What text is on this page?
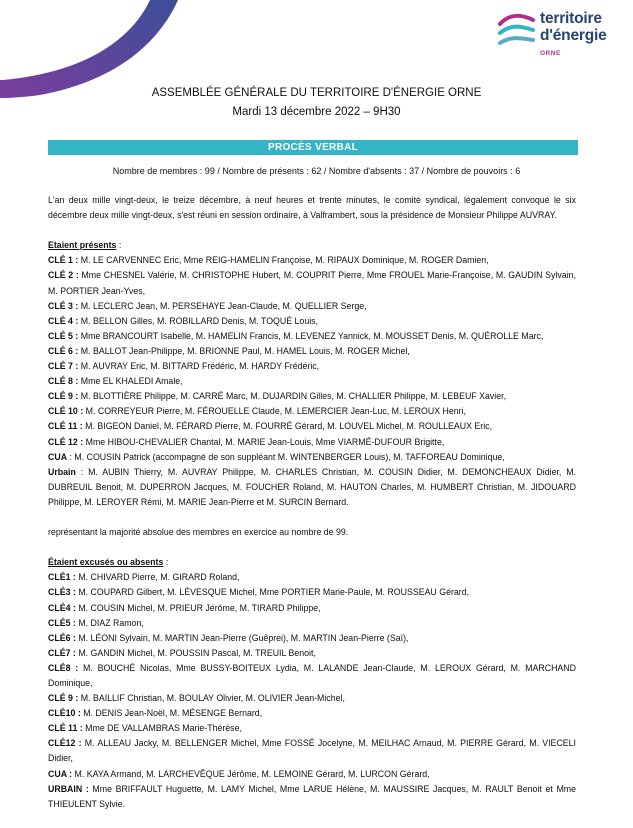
territoire
d'énergie
ORNE
ASSEMBLÉE GÉNÉRALE DU TERRITOIRE D'ÉNERGIE ORNE
Mardi 13 décembre 2022 – 9H30
PROCÈS VERBAL
Nombre de membres : 99 / Nombre de présents : 62 / Nombre d'absents : 37 / Nombre de pouvoirs : 6

L'an deux mille vingt-deux, le treize décembre, à neuf heures et trente minutes, le comité syndical, légalement convoqué le six décembre deux mille vingt-deux, s'est réuni en session ordinaire, à Valframbert, sous la présidence de Monsieur Philippe AUVRAY.

Etaient présents :

CLÉ 1 : M. LE CARVENNEC Eric, Mme REIG-HAMELIN Françoise, M. RIPAUX Dominique, M. ROGER Damien,

CLÉ 2 : Mme CHESNEL Valérie, M. CHRISTOPHE Hubert, M. COUPRIT Pierre, Mme FROUEL Marie-Françoise, M. GAUDIN Sylvain, M. PORTIER Jean-Yves,

CLÉ 3 : M. LECLERC Jean, M. PERSEHAYE Jean-Claude, M. QUELLIER Serge,

CLÉ 4 : M. BELLON Gilles, M. ROBILLARD Denis, M. TOQUÉ Louis,

CLÉ 5 : Mme BRANCOURT Isabelle, M. HAMELIN Francis, M. LEVENEZ Yannick, M. MOUSSET Denis, M. QUÉROLLE Marc,

CLÉ 6 : M. BALLOT Jean-Philippe, M. BRIONNE Paul, M. HAMEL Louis, M. ROGER Michel,

CLÉ 7 : M. AUVRAY Eric, M. BITTARD Frédéric, M. HARDY Frédéric,

CLÉ 8 : Mme EL KHALEDI Amale,

CLÉ 9 : M. BLOTTIÈRE Philippe, M. CARRÉ Marc, M. DUJARDIN Gilles, M. CHALLIER Philippe, M. LEBEUF Xavier,

CLÉ 10 : M. CORREYEUR Pierre, M. FÉROUELLE Claude, M. LEMERCIER Jean-Luc, M. LEROUX Henri,

CLÉ 11 : M. BIGEON Daniel, M. FÉRARD Pierre, M. FOURRÉ Gérard, M. LOUVEL Michel, M. ROULLEAUX Eric,

CLÉ 12 : Mme HIBOU-CHEVALIER Chantal, M. MARIE Jean-Louis, Mme VIARMÉ-DUFOUR Brigitte,

CUA : M. COUSIN Patrick (accompagné de son suppléant M. WINTENBERGER Louis), M. TAFFOREAU Dominique,

Urbain : M. AUBIN Thierry, M. AUVRAY Philippe, M. CHARLES Christian, M. COUSIN Didier, M. DEMONCHEAUX Didier, M. DUBREUIL Benoit, M. DUPERRON Jacques, M. FOUCHER Roland, M. HAUTON Charles, M. HUMBERT Christian, M. JIDOUARD Philippe, M. LEROYER Rémi, M. MARIE Jean-Pierre et M. SURCIN Bernard.

représentant la majorité absolue des membres en exercice au nombre de 99.

Étaient excusés ou absents :

CLÉ1 : M. CHIVARD Pierre, M. GIRARD Roland,

CLÉ3 : M. COUPARD Gilbert, M. LÉVESQUE Michel, Mme PORTIER Marie-Paule, M. ROUSSEAU Gérard,

CLÉ4 : M. COUSIN Michel, M. PRIEUR Jérôme, M. TIRARD Philippe,

CLÉ5 : M. DIAZ Ramon,

CLÉ6 : M. LÉONI Sylvain, M. MARTIN Jean-Pierre (Guêprei), M. MARTIN Jean-Pierre (Saï),

CLÉ7 : M. GANDIN Michel, M. POUSSIN Pascal, M. TREUIL Benoit,

CLÉ8 : M. BOUCHÉ Nicolas, Mme BUSSY-BOITEUX Lydia, M. LALANDE Jean-Claude, M. LEROUX Gérard, M. MARCHAND Dominique,

CLÉ 9 : M. BAILLIF Christian, M. BOULAY Olivier, M. OLIVIER Jean-Michel,

CLÉ10 : M. DENIS Jean-Noël, M. MÉSENGE Bernard,

CLÉ 11 : Mme DE VALLAMBRAS Marie-Thérèse,

CLÉ12 : M. ALLEAU Jacky, M. BELLENGER Michel, Mme FOSSÉ Jocelyne, M. MEILHAC Arnaud, M. PIERRE Gérard, M. VIECELI Didier,

CUA : M. KAYA Armand, M. LARCHEVÊQUE Jérôme, M. LEMOINE Gérard, M. LURCON Gérard,

URBAIN : Mme BRIFFAULT Huguette, M. LAMY Michel, Mme LARUE Hélène, M. MAUSSIRE Jacques, M. RAULT Benoit et Mme THIEULENT Sylvie.
